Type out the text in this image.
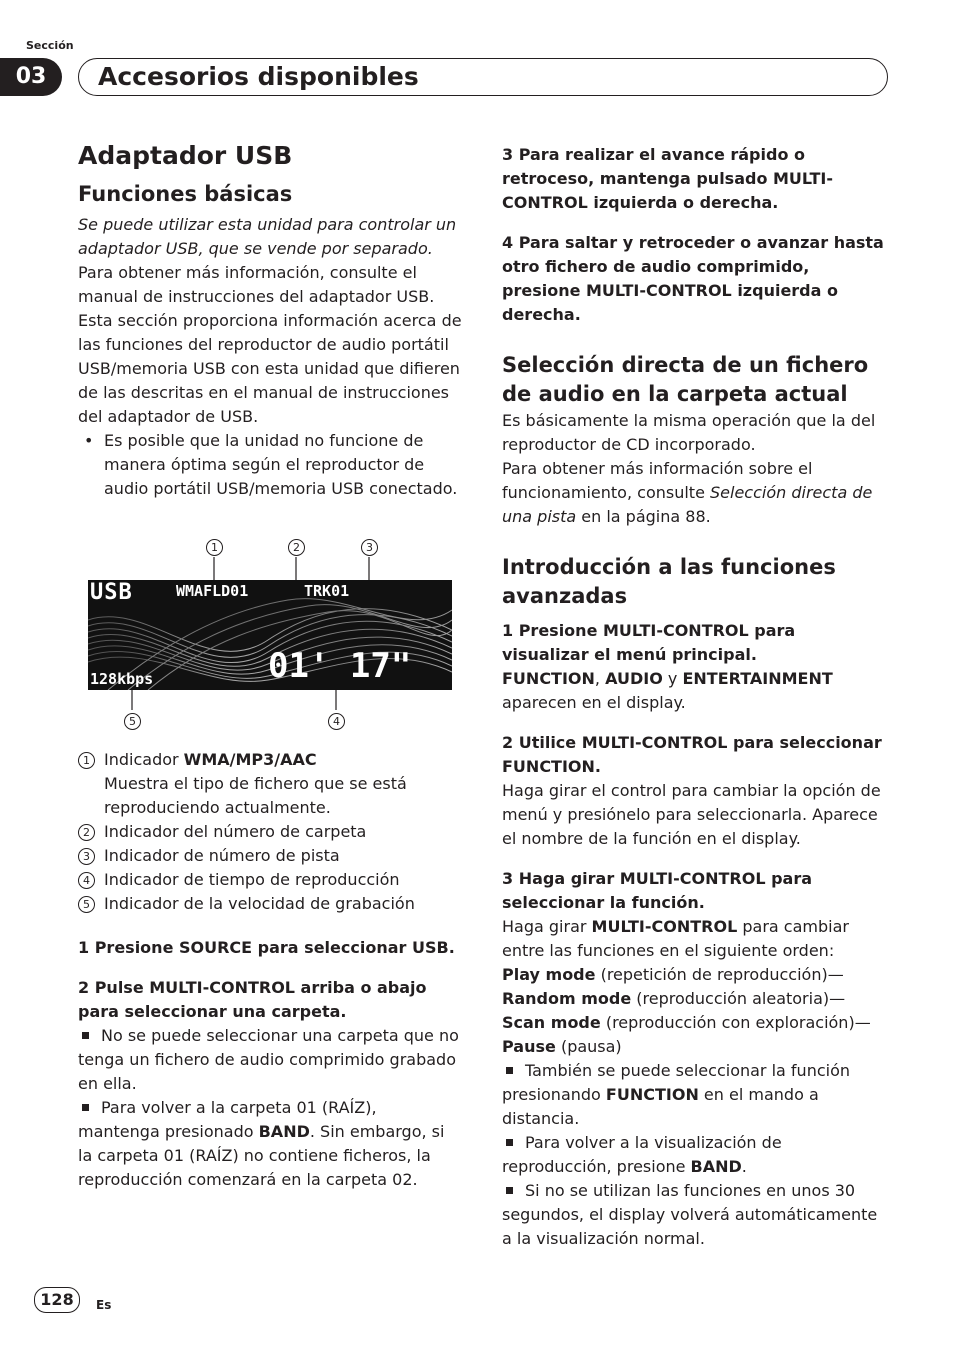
Sección
03	Accesorios disponibles
Adaptador USB
Funciones básicas

Se puede utilizar esta unidad para controlar un adaptador USB, que se vende por separado.

Para obtener más información, consulte el manual de instrucciones del adaptador USB. Esta sección proporciona información acerca de las funciones del reproductor de audio portátil USB/memoria USB con esta unidad que difieren de las descritas en el manual de instrucciones del adaptador de USB.

• Es posible que la unidad no funcione de manera óptima según el reproductor de audio portátil USB/memoria USB conectado.
1	2	3
5	4
USB	WMAFLD01	TRK01
128kbps	01' 17"
1 Indicador WMA/MP3/AAC
Muestra el tipo de fichero que se está reproduciendo actualmente.
2 Indicador del número de carpeta
3 Indicador de número de pista
4 Indicador de tiempo de reproducción
5 Indicador de la velocidad de grabación

1 Presione SOURCE para seleccionar USB.

2 Pulse MULTI-CONTROL arriba o abajo para seleccionar una carpeta.

No se puede seleccionar una carpeta que no tenga un fichero de audio comprimido grabado en ella.

Para volver a la carpeta 01 (RAÍZ), mantenga presionado BAND. Sin embargo, si la carpeta 01 (RAÍZ) no contiene ficheros, la reproducción comenzará en la carpeta 02.

3 Para realizar el avance rápido o retroceso, mantenga pulsado MULTI-CONTROL izquierda o derecha.

4 Para saltar y retroceder o avanzar hasta otro fichero de audio comprimido, presione MULTI-CONTROL izquierda o derecha.

Selección directa de un fichero de audio en la carpeta actual

Es básicamente la misma operación que la del reproductor de CD incorporado.

Para obtener más información sobre el funcionamiento, consulte Selección directa de una pista en la página 88.

Introducción a las funciones avanzadas

1 Presione MULTI-CONTROL para visualizar el menú principal.

FUNCTION, AUDIO y ENTERTAINMENT aparecen en el display.

2 Utilice MULTI-CONTROL para seleccionar FUNCTION.

Haga girar el control para cambiar la opción de menú y presiónelo para seleccionarla. Aparece el nombre de la función en el display.

3 Haga girar MULTI-CONTROL para seleccionar la función.

Haga girar MULTI-CONTROL para cambiar entre las funciones en el siguiente orden:
Play mode (repetición de reproducción)—
Random mode (reproducción aleatoria)—
Scan mode (reproducción con exploración)—
Pause (pausa)

También se puede seleccionar la función presionando FUNCTION en el mando a distancia.

Para volver a la visualización de reproducción, presione BAND.

Si no se utilizan las funciones en unos 30 segundos, el display volverá automáticamente a la visualización normal.

128	Es
